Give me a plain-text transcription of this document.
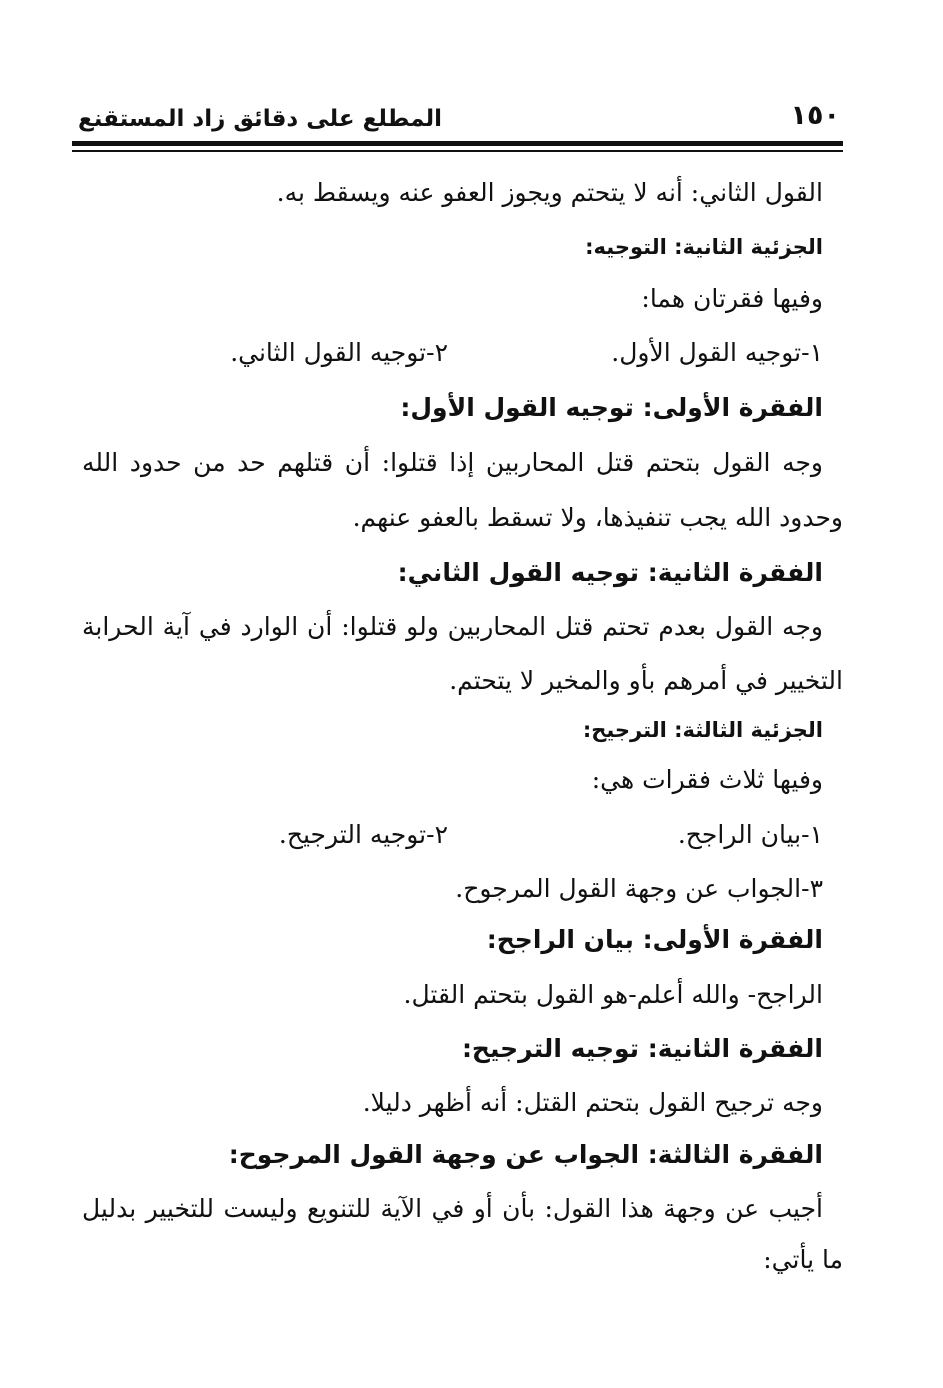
١٥٠
المطلع على دقائق زاد المستقنع
القول الثاني: أنه لا يتحتم ويجوز العفو عنه ويسقط به.
الجزئية الثانية: التوجيه:
وفيها فقرتان هما:
١-توجيه القول الأول.
٢-توجيه القول الثاني.
الفقرة الأولى: توجيه القول الأول:
وجه القول بتحتم قتل المحاربين إذا قتلوا: أن قتلهم حد من حدود الله
وحدود الله يجب تنفيذها، ولا تسقط بالعفو عنهم.
الفقرة الثانية: توجيه القول الثاني:
وجه القول بعدم تحتم قتل المحاربين ولو قتلوا: أن الوارد في آية الحرابة
التخيير في أمرهم بأو والمخير لا يتحتم.
الجزئية الثالثة: الترجيح:
وفيها ثلاث فقرات هي:
١-بيان الراجح.
٢-توجيه الترجيح.
٣-الجواب عن وجهة القول المرجوح.
الفقرة الأولى: بيان الراجح:
الراجح- والله أعلم-هو القول بتحتم القتل.
الفقرة الثانية: توجيه الترجيح:
وجه ترجيح القول بتحتم القتل: أنه أظهر دليلا.
الفقرة الثالثة: الجواب عن وجهة القول المرجوح:
أجيب عن وجهة هذا القول: بأن أو في الآية للتنويع وليست للتخيير بدليل
ما يأتي:
